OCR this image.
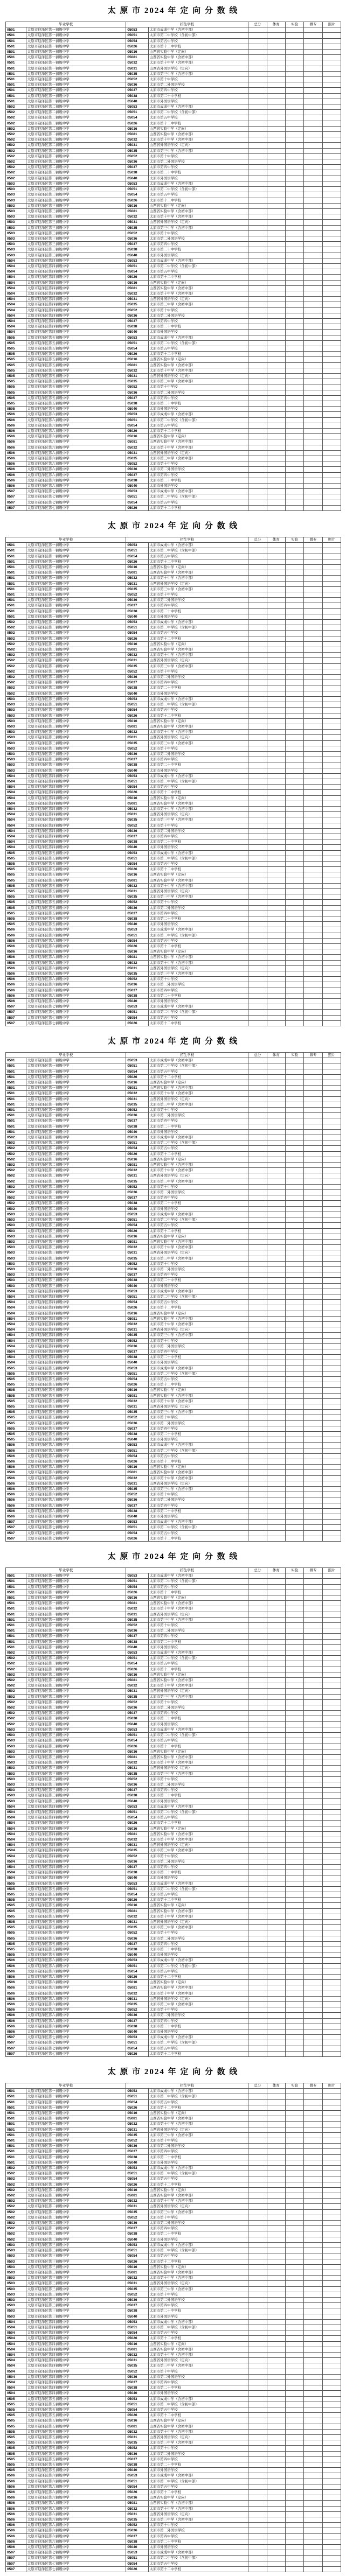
太 原 市 2024 年 定 向 分 数 线
毕业学校		招生学校		总分	体育	实验	微专	照片
0501	太原市迎泽区第一初级中学	05053	太原市成成中学（含初中部）					
0501	太原市迎泽区第一初级中学	05051	太原市第二中学校（含初中部）					
0501	太原市迎泽区第一初级中学	05054	太原市第五中学校					
0501	太原市迎泽区第一初级中学	05026	太原市第十二中学校					
0501	太原市迎泽区第一初级中学	05016	山西省实验中学（定向）					
0501	太原市迎泽区第一初级中学	05081	山西省实验中学（含初中部）					
0501	太原市迎泽区第一初级中学	05032	太原市第十中学（含初中部）					
0501	太原市迎泽区第一初级中学	05031	山西省外国语学校（定向）					
0501	太原市迎泽区第一初级中学	05035	太原市第三中学（含初中部）					
0501	太原市迎泽区第一初级中学	05052	太原市第十中学校					
0501	太原市迎泽区第一初级中学	05036	太原市第二外国语学校					
0501	太原市迎泽区第一初级中学	05037	太原市第四中学校					
0501	太原市迎泽区第一初级中学	05038	太原市第二十中学校					
0501	太原市迎泽区第一初级中学	05040	太原市外国语学校					
0502	太原市迎泽区第二初级中学	05053	太原市成成中学（含初中部）					
0502	太原市迎泽区第二初级中学	05051	太原市第二中学校（含初中部）					
0502	太原市迎泽区第二初级中学	05054	太原市第五中学校					
0502	太原市迎泽区第二初级中学	05026	太原市第十二中学校					
0502	太原市迎泽区第二初级中学	05016	山西省实验中学（定向）					
0502	太原市迎泽区第二初级中学	05081	山西省实验中学（含初中部）					
0502	太原市迎泽区第二初级中学	05032	太原市第十中学（含初中部）					
0502	太原市迎泽区第二初级中学	05031	山西省外国语学校（定向）					
0502	太原市迎泽区第二初级中学	05035	太原市第三中学（含初中部）					
0502	太原市迎泽区第二初级中学	05052	太原市第十中学校					
0502	太原市迎泽区第二初级中学	05036	太原市第二外国语学校					
0502	太原市迎泽区第二初级中学	05037	太原市第四中学校					
0502	太原市迎泽区第二初级中学	05038	太原市第二十中学校					
0502	太原市迎泽区第二初级中学	05040	太原市外国语学校					
0503	太原市迎泽区第三初级中学	05053	太原市成成中学（含初中部）					
0503	太原市迎泽区第三初级中学	05051	太原市第二中学校（含初中部）					
0503	太原市迎泽区第三初级中学	05054	太原市第五中学校					
0503	太原市迎泽区第三初级中学	05026	太原市第十二中学校					
0503	太原市迎泽区第三初级中学	05016	山西省实验中学（定向）					
0503	太原市迎泽区第三初级中学	05081	山西省实验中学（含初中部）					
0503	太原市迎泽区第三初级中学	05032	太原市第十中学（含初中部）					
0503	太原市迎泽区第三初级中学	05031	山西省外国语学校（定向）					
0503	太原市迎泽区第三初级中学	05035	太原市第三中学（含初中部）					
0503	太原市迎泽区第三初级中学	05052	太原市第十中学校					
0503	太原市迎泽区第三初级中学	05036	太原市第二外国语学校					
0503	太原市迎泽区第三初级中学	05037	太原市第四中学校					
0503	太原市迎泽区第三初级中学	05038	太原市第二十中学校					
0503	太原市迎泽区第三初级中学	05040	太原市外国语学校					
0504	太原市迎泽区第四初级中学	05053	太原市成成中学（含初中部）					
0504	太原市迎泽区第四初级中学	05051	太原市第二中学校（含初中部）					
0504	太原市迎泽区第四初级中学	05054	太原市第五中学校					
0504	太原市迎泽区第四初级中学	05026	太原市第十二中学校					
0504	太原市迎泽区第四初级中学	05016	山西省实验中学（定向）					
0504	太原市迎泽区第四初级中学	05081	山西省实验中学（含初中部）					
0504	太原市迎泽区第四初级中学	05032	太原市第十中学（含初中部）					
0504	太原市迎泽区第四初级中学	05031	山西省外国语学校（定向）					
0504	太原市迎泽区第四初级中学	05035	太原市第三中学（含初中部）					
0504	太原市迎泽区第四初级中学	05052	太原市第十中学校					
0504	太原市迎泽区第四初级中学	05036	太原市第二外国语学校					
0504	太原市迎泽区第四初级中学	05037	太原市第四中学校					
0504	太原市迎泽区第四初级中学	05038	太原市第二十中学校					
0504	太原市迎泽区第四初级中学	05040	太原市外国语学校					
0505	太原市迎泽区第五初级中学	05053	太原市成成中学（含初中部）					
0505	太原市迎泽区第五初级中学	05051	太原市第二中学校（含初中部）					
0505	太原市迎泽区第五初级中学	05054	太原市第五中学校					
0505	太原市迎泽区第五初级中学	05026	太原市第十二中学校					
0505	太原市迎泽区第五初级中学	05016	山西省实验中学（定向）					
0505	太原市迎泽区第五初级中学	05081	山西省实验中学（含初中部）					
0505	太原市迎泽区第五初级中学	05032	太原市第十中学（含初中部）					
0505	太原市迎泽区第五初级中学	05031	山西省外国语学校（定向）					
0505	太原市迎泽区第五初级中学	05035	太原市第三中学（含初中部）					
0505	太原市迎泽区第五初级中学	05052	太原市第十中学校					
0505	太原市迎泽区第五初级中学	05036	太原市第二外国语学校					
0505	太原市迎泽区第五初级中学	05037	太原市第四中学校					
0505	太原市迎泽区第五初级中学	05038	太原市第二十中学校					
0505	太原市迎泽区第五初级中学	05040	太原市外国语学校					
0506	太原市迎泽区第六初级中学	05053	太原市成成中学（含初中部）					
0506	太原市迎泽区第六初级中学	05051	太原市第二中学校（含初中部）					
0506	太原市迎泽区第六初级中学	05054	太原市第五中学校					
0506	太原市迎泽区第六初级中学	05026	太原市第十二中学校					
0506	太原市迎泽区第六初级中学	05016	山西省实验中学（定向）					
0506	太原市迎泽区第六初级中学	05081	山西省实验中学（含初中部）					
0506	太原市迎泽区第六初级中学	05032	太原市第十中学（含初中部）					
0506	太原市迎泽区第六初级中学	05031	山西省外国语学校（定向）					
0506	太原市迎泽区第六初级中学	05035	太原市第三中学（含初中部）					
0506	太原市迎泽区第六初级中学	05052	太原市第十中学校					
0506	太原市迎泽区第六初级中学	05036	太原市第二外国语学校					
0506	太原市迎泽区第六初级中学	05037	太原市第四中学校					
0506	太原市迎泽区第六初级中学	05038	太原市第二十中学校					
0506	太原市迎泽区第六初级中学	05040	太原市外国语学校					
0507	太原市迎泽区第七初级中学	05053	太原市成成中学（含初中部）					
0507	太原市迎泽区第七初级中学	05051	太原市第二中学校（含初中部）					
0507	太原市迎泽区第七初级中学	05054	太原市第五中学校					
0507	太原市迎泽区第七初级中学	05026	太原市第十二中学校					
太 原 市 2024 年 定 向 分 数 线
毕业学校		招生学校		总分	体育	实验	微专	照片
0501	太原市迎泽区第一初级中学	05053	太原市成成中学（含初中部）					
0501	太原市迎泽区第一初级中学	05051	太原市第二中学校（含初中部）					
0501	太原市迎泽区第一初级中学	05054	太原市第五中学校					
0501	太原市迎泽区第一初级中学	05026	太原市第十二中学校					
0501	太原市迎泽区第一初级中学	05016	山西省实验中学（定向）					
0501	太原市迎泽区第一初级中学	05081	山西省实验中学（含初中部）					
0501	太原市迎泽区第一初级中学	05032	太原市第十中学（含初中部）					
0501	太原市迎泽区第一初级中学	05031	山西省外国语学校（定向）					
0501	太原市迎泽区第一初级中学	05035	太原市第三中学（含初中部）					
0501	太原市迎泽区第一初级中学	05052	太原市第十中学校					
0501	太原市迎泽区第一初级中学	05036	太原市第二外国语学校					
0501	太原市迎泽区第一初级中学	05037	太原市第四中学校					
0501	太原市迎泽区第一初级中学	05038	太原市第二十中学校					
0501	太原市迎泽区第一初级中学	05040	太原市外国语学校					
0502	太原市迎泽区第二初级中学	05053	太原市成成中学（含初中部）					
0502	太原市迎泽区第二初级中学	05051	太原市第二中学校（含初中部）					
0502	太原市迎泽区第二初级中学	05054	太原市第五中学校					
0502	太原市迎泽区第二初级中学	05026	太原市第十二中学校					
0502	太原市迎泽区第二初级中学	05016	山西省实验中学（定向）					
0502	太原市迎泽区第二初级中学	05081	山西省实验中学（含初中部）					
0502	太原市迎泽区第二初级中学	05032	太原市第十中学（含初中部）					
0502	太原市迎泽区第二初级中学	05031	山西省外国语学校（定向）					
0502	太原市迎泽区第二初级中学	05035	太原市第三中学（含初中部）					
0502	太原市迎泽区第二初级中学	05052	太原市第十中学校					
0502	太原市迎泽区第二初级中学	05036	太原市第二外国语学校					
0502	太原市迎泽区第二初级中学	05037	太原市第四中学校					
0502	太原市迎泽区第二初级中学	05038	太原市第二十中学校					
0502	太原市迎泽区第二初级中学	05040	太原市外国语学校					
0503	太原市迎泽区第三初级中学	05053	太原市成成中学（含初中部）					
0503	太原市迎泽区第三初级中学	05051	太原市第二中学校（含初中部）					
0503	太原市迎泽区第三初级中学	05054	太原市第五中学校					
0503	太原市迎泽区第三初级中学	05026	太原市第十二中学校					
0503	太原市迎泽区第三初级中学	05016	山西省实验中学（定向）					
0503	太原市迎泽区第三初级中学	05081	山西省实验中学（含初中部）					
0503	太原市迎泽区第三初级中学	05032	太原市第十中学（含初中部）					
0503	太原市迎泽区第三初级中学	05031	山西省外国语学校（定向）					
0503	太原市迎泽区第三初级中学	05035	太原市第三中学（含初中部）					
0503	太原市迎泽区第三初级中学	05052	太原市第十中学校					
0503	太原市迎泽区第三初级中学	05036	太原市第二外国语学校					
0503	太原市迎泽区第三初级中学	05037	太原市第四中学校					
0503	太原市迎泽区第三初级中学	05038	太原市第二十中学校					
0503	太原市迎泽区第三初级中学	05040	太原市外国语学校					
0504	太原市迎泽区第四初级中学	05053	太原市成成中学（含初中部）					
0504	太原市迎泽区第四初级中学	05051	太原市第二中学校（含初中部）					
0504	太原市迎泽区第四初级中学	05054	太原市第五中学校					
0504	太原市迎泽区第四初级中学	05026	太原市第十二中学校					
0504	太原市迎泽区第四初级中学	05016	山西省实验中学（定向）					
0504	太原市迎泽区第四初级中学	05081	山西省实验中学（含初中部）					
0504	太原市迎泽区第四初级中学	05032	太原市第十中学（含初中部）					
0504	太原市迎泽区第四初级中学	05031	山西省外国语学校（定向）					
0504	太原市迎泽区第四初级中学	05035	太原市第三中学（含初中部）					
0504	太原市迎泽区第四初级中学	05052	太原市第十中学校					
0504	太原市迎泽区第四初级中学	05036	太原市第二外国语学校					
0504	太原市迎泽区第四初级中学	05037	太原市第四中学校					
0504	太原市迎泽区第四初级中学	05038	太原市第二十中学校					
0504	太原市迎泽区第四初级中学	05040	太原市外国语学校					
0505	太原市迎泽区第五初级中学	05053	太原市成成中学（含初中部）					
0505	太原市迎泽区第五初级中学	05051	太原市第二中学校（含初中部）					
0505	太原市迎泽区第五初级中学	05054	太原市第五中学校					
0505	太原市迎泽区第五初级中学	05026	太原市第十二中学校					
0505	太原市迎泽区第五初级中学	05016	山西省实验中学（定向）					
0505	太原市迎泽区第五初级中学	05081	山西省实验中学（含初中部）					
0505	太原市迎泽区第五初级中学	05032	太原市第十中学（含初中部）					
0505	太原市迎泽区第五初级中学	05031	山西省外国语学校（定向）					
0505	太原市迎泽区第五初级中学	05035	太原市第三中学（含初中部）					
0505	太原市迎泽区第五初级中学	05052	太原市第十中学校					
0505	太原市迎泽区第五初级中学	05036	太原市第二外国语学校					
0505	太原市迎泽区第五初级中学	05037	太原市第四中学校					
0505	太原市迎泽区第五初级中学	05038	太原市第二十中学校					
0505	太原市迎泽区第五初级中学	05040	太原市外国语学校					
0506	太原市迎泽区第六初级中学	05053	太原市成成中学（含初中部）					
0506	太原市迎泽区第六初级中学	05051	太原市第二中学校（含初中部）					
0506	太原市迎泽区第六初级中学	05054	太原市第五中学校					
0506	太原市迎泽区第六初级中学	05026	太原市第十二中学校					
0506	太原市迎泽区第六初级中学	05016	山西省实验中学（定向）					
0506	太原市迎泽区第六初级中学	05081	山西省实验中学（含初中部）					
0506	太原市迎泽区第六初级中学	05032	太原市第十中学（含初中部）					
0506	太原市迎泽区第六初级中学	05031	山西省外国语学校（定向）					
0506	太原市迎泽区第六初级中学	05035	太原市第三中学（含初中部）					
0506	太原市迎泽区第六初级中学	05052	太原市第十中学校					
0506	太原市迎泽区第六初级中学	05036	太原市第二外国语学校					
0506	太原市迎泽区第六初级中学	05037	太原市第四中学校					
0506	太原市迎泽区第六初级中学	05038	太原市第二十中学校					
0506	太原市迎泽区第六初级中学	05040	太原市外国语学校					
0507	太原市迎泽区第七初级中学	05053	太原市成成中学（含初中部）					
0507	太原市迎泽区第七初级中学	05051	太原市第二中学校（含初中部）					
0507	太原市迎泽区第七初级中学	05054	太原市第五中学校					
0507	太原市迎泽区第七初级中学	05026	太原市第十二中学校					
太 原 市 2024 年 定 向 分 数 线
毕业学校		招生学校		总分	体育	实验	微专	照片
0501	太原市迎泽区第一初级中学	05053	太原市成成中学（含初中部）					
0501	太原市迎泽区第一初级中学	05051	太原市第二中学校（含初中部）					
0501	太原市迎泽区第一初级中学	05054	太原市第五中学校					
0501	太原市迎泽区第一初级中学	05026	太原市第十二中学校					
0501	太原市迎泽区第一初级中学	05016	山西省实验中学（定向）					
0501	太原市迎泽区第一初级中学	05081	山西省实验中学（含初中部）					
0501	太原市迎泽区第一初级中学	05032	太原市第十中学（含初中部）					
0501	太原市迎泽区第一初级中学	05031	山西省外国语学校（定向）					
0501	太原市迎泽区第一初级中学	05035	太原市第三中学（含初中部）					
0501	太原市迎泽区第一初级中学	05052	太原市第十中学校					
0501	太原市迎泽区第一初级中学	05036	太原市第二外国语学校					
0501	太原市迎泽区第一初级中学	05037	太原市第四中学校					
0501	太原市迎泽区第一初级中学	05038	太原市第二十中学校					
0501	太原市迎泽区第一初级中学	05040	太原市外国语学校					
0502	太原市迎泽区第二初级中学	05053	太原市成成中学（含初中部）					
0502	太原市迎泽区第二初级中学	05051	太原市第二中学校（含初中部）					
0502	太原市迎泽区第二初级中学	05054	太原市第五中学校					
0502	太原市迎泽区第二初级中学	05026	太原市第十二中学校					
0502	太原市迎泽区第二初级中学	05016	山西省实验中学（定向）					
0502	太原市迎泽区第二初级中学	05081	山西省实验中学（含初中部）					
0502	太原市迎泽区第二初级中学	05032	太原市第十中学（含初中部）					
0502	太原市迎泽区第二初级中学	05031	山西省外国语学校（定向）					
0502	太原市迎泽区第二初级中学	05035	太原市第三中学（含初中部）					
0502	太原市迎泽区第二初级中学	05052	太原市第十中学校					
0502	太原市迎泽区第二初级中学	05036	太原市第二外国语学校					
0502	太原市迎泽区第二初级中学	05037	太原市第四中学校					
0502	太原市迎泽区第二初级中学	05038	太原市第二十中学校					
0502	太原市迎泽区第二初级中学	05040	太原市外国语学校					
0503	太原市迎泽区第三初级中学	05053	太原市成成中学（含初中部）					
0503	太原市迎泽区第三初级中学	05051	太原市第二中学校（含初中部）					
0503	太原市迎泽区第三初级中学	05054	太原市第五中学校					
0503	太原市迎泽区第三初级中学	05026	太原市第十二中学校					
0503	太原市迎泽区第三初级中学	05016	山西省实验中学（定向）					
0503	太原市迎泽区第三初级中学	05081	山西省实验中学（含初中部）					
0503	太原市迎泽区第三初级中学	05032	太原市第十中学（含初中部）					
0503	太原市迎泽区第三初级中学	05031	山西省外国语学校（定向）					
0503	太原市迎泽区第三初级中学	05035	太原市第三中学（含初中部）					
0503	太原市迎泽区第三初级中学	05052	太原市第十中学校					
0503	太原市迎泽区第三初级中学	05036	太原市第二外国语学校					
0503	太原市迎泽区第三初级中学	05037	太原市第四中学校					
0503	太原市迎泽区第三初级中学	05038	太原市第二十中学校					
0503	太原市迎泽区第三初级中学	05040	太原市外国语学校					
0504	太原市迎泽区第四初级中学	05053	太原市成成中学（含初中部）					
0504	太原市迎泽区第四初级中学	05051	太原市第二中学校（含初中部）					
0504	太原市迎泽区第四初级中学	05054	太原市第五中学校					
0504	太原市迎泽区第四初级中学	05026	太原市第十二中学校					
0504	太原市迎泽区第四初级中学	05016	山西省实验中学（定向）					
0504	太原市迎泽区第四初级中学	05081	山西省实验中学（含初中部）					
0504	太原市迎泽区第四初级中学	05032	太原市第十中学（含初中部）					
0504	太原市迎泽区第四初级中学	05031	山西省外国语学校（定向）					
0504	太原市迎泽区第四初级中学	05035	太原市第三中学（含初中部）					
0504	太原市迎泽区第四初级中学	05052	太原市第十中学校					
0504	太原市迎泽区第四初级中学	05036	太原市第二外国语学校					
0504	太原市迎泽区第四初级中学	05037	太原市第四中学校					
0504	太原市迎泽区第四初级中学	05038	太原市第二十中学校					
0504	太原市迎泽区第四初级中学	05040	太原市外国语学校					
0505	太原市迎泽区第五初级中学	05053	太原市成成中学（含初中部）					
0505	太原市迎泽区第五初级中学	05051	太原市第二中学校（含初中部）					
0505	太原市迎泽区第五初级中学	05054	太原市第五中学校					
0505	太原市迎泽区第五初级中学	05026	太原市第十二中学校					
0505	太原市迎泽区第五初级中学	05016	山西省实验中学（定向）					
0505	太原市迎泽区第五初级中学	05081	山西省实验中学（含初中部）					
0505	太原市迎泽区第五初级中学	05032	太原市第十中学（含初中部）					
0505	太原市迎泽区第五初级中学	05031	山西省外国语学校（定向）					
0505	太原市迎泽区第五初级中学	05035	太原市第三中学（含初中部）					
0505	太原市迎泽区第五初级中学	05052	太原市第十中学校					
0505	太原市迎泽区第五初级中学	05036	太原市第二外国语学校					
0505	太原市迎泽区第五初级中学	05037	太原市第四中学校					
0505	太原市迎泽区第五初级中学	05038	太原市第二十中学校					
0505	太原市迎泽区第五初级中学	05040	太原市外国语学校					
0506	太原市迎泽区第六初级中学	05053	太原市成成中学（含初中部）					
0506	太原市迎泽区第六初级中学	05051	太原市第二中学校（含初中部）					
0506	太原市迎泽区第六初级中学	05054	太原市第五中学校					
0506	太原市迎泽区第六初级中学	05026	太原市第十二中学校					
0506	太原市迎泽区第六初级中学	05016	山西省实验中学（定向）					
0506	太原市迎泽区第六初级中学	05081	山西省实验中学（含初中部）					
0506	太原市迎泽区第六初级中学	05032	太原市第十中学（含初中部）					
0506	太原市迎泽区第六初级中学	05031	山西省外国语学校（定向）					
0506	太原市迎泽区第六初级中学	05035	太原市第三中学（含初中部）					
0506	太原市迎泽区第六初级中学	05052	太原市第十中学校					
0506	太原市迎泽区第六初级中学	05036	太原市第二外国语学校					
0506	太原市迎泽区第六初级中学	05037	太原市第四中学校					
0506	太原市迎泽区第六初级中学	05038	太原市第二十中学校					
0506	太原市迎泽区第六初级中学	05040	太原市外国语学校					
0507	太原市迎泽区第七初级中学	05053	太原市成成中学（含初中部）					
0507	太原市迎泽区第七初级中学	05051	太原市第二中学校（含初中部）					
0507	太原市迎泽区第七初级中学	05054	太原市第五中学校					
0507	太原市迎泽区第七初级中学	05026	太原市第十二中学校					
太 原 市 2024 年 定 向 分 数 线
毕业学校		招生学校		总分	体育	实验	微专	照片
0501	太原市迎泽区第一初级中学	05053	太原市成成中学（含初中部）					
0501	太原市迎泽区第一初级中学	05051	太原市第二中学校（含初中部）					
0501	太原市迎泽区第一初级中学	05054	太原市第五中学校					
0501	太原市迎泽区第一初级中学	05026	太原市第十二中学校					
0501	太原市迎泽区第一初级中学	05016	山西省实验中学（定向）					
0501	太原市迎泽区第一初级中学	05081	山西省实验中学（含初中部）					
0501	太原市迎泽区第一初级中学	05032	太原市第十中学（含初中部）					
0501	太原市迎泽区第一初级中学	05031	山西省外国语学校（定向）					
0501	太原市迎泽区第一初级中学	05035	太原市第三中学（含初中部）					
0501	太原市迎泽区第一初级中学	05052	太原市第十中学校					
0501	太原市迎泽区第一初级中学	05036	太原市第二外国语学校					
0501	太原市迎泽区第一初级中学	05037	太原市第四中学校					
0501	太原市迎泽区第一初级中学	05038	太原市第二十中学校					
0501	太原市迎泽区第一初级中学	05040	太原市外国语学校					
0502	太原市迎泽区第二初级中学	05053	太原市成成中学（含初中部）					
0502	太原市迎泽区第二初级中学	05051	太原市第二中学校（含初中部）					
0502	太原市迎泽区第二初级中学	05054	太原市第五中学校					
0502	太原市迎泽区第二初级中学	05026	太原市第十二中学校					
0502	太原市迎泽区第二初级中学	05016	山西省实验中学（定向）					
0502	太原市迎泽区第二初级中学	05081	山西省实验中学（含初中部）					
0502	太原市迎泽区第二初级中学	05032	太原市第十中学（含初中部）					
0502	太原市迎泽区第二初级中学	05031	山西省外国语学校（定向）					
0502	太原市迎泽区第二初级中学	05035	太原市第三中学（含初中部）					
0502	太原市迎泽区第二初级中学	05052	太原市第十中学校					
0502	太原市迎泽区第二初级中学	05036	太原市第二外国语学校					
0502	太原市迎泽区第二初级中学	05037	太原市第四中学校					
0502	太原市迎泽区第二初级中学	05038	太原市第二十中学校					
0502	太原市迎泽区第二初级中学	05040	太原市外国语学校					
0503	太原市迎泽区第三初级中学	05053	太原市成成中学（含初中部）					
0503	太原市迎泽区第三初级中学	05051	太原市第二中学校（含初中部）					
0503	太原市迎泽区第三初级中学	05054	太原市第五中学校					
0503	太原市迎泽区第三初级中学	05026	太原市第十二中学校					
0503	太原市迎泽区第三初级中学	05016	山西省实验中学（定向）					
0503	太原市迎泽区第三初级中学	05081	山西省实验中学（含初中部）					
0503	太原市迎泽区第三初级中学	05032	太原市第十中学（含初中部）					
0503	太原市迎泽区第三初级中学	05031	山西省外国语学校（定向）					
0503	太原市迎泽区第三初级中学	05035	太原市第三中学（含初中部）					
0503	太原市迎泽区第三初级中学	05052	太原市第十中学校					
0503	太原市迎泽区第三初级中学	05036	太原市第二外国语学校					
0503	太原市迎泽区第三初级中学	05037	太原市第四中学校					
0503	太原市迎泽区第三初级中学	05038	太原市第二十中学校					
0503	太原市迎泽区第三初级中学	05040	太原市外国语学校					
0504	太原市迎泽区第四初级中学	05053	太原市成成中学（含初中部）					
0504	太原市迎泽区第四初级中学	05051	太原市第二中学校（含初中部）					
0504	太原市迎泽区第四初级中学	05054	太原市第五中学校					
0504	太原市迎泽区第四初级中学	05026	太原市第十二中学校					
0504	太原市迎泽区第四初级中学	05016	山西省实验中学（定向）					
0504	太原市迎泽区第四初级中学	05081	山西省实验中学（含初中部）					
0504	太原市迎泽区第四初级中学	05032	太原市第十中学（含初中部）					
0504	太原市迎泽区第四初级中学	05031	山西省外国语学校（定向）					
0504	太原市迎泽区第四初级中学	05035	太原市第三中学（含初中部）					
0504	太原市迎泽区第四初级中学	05052	太原市第十中学校					
0504	太原市迎泽区第四初级中学	05036	太原市第二外国语学校					
0504	太原市迎泽区第四初级中学	05037	太原市第四中学校					
0504	太原市迎泽区第四初级中学	05038	太原市第二十中学校					
0504	太原市迎泽区第四初级中学	05040	太原市外国语学校					
0505	太原市迎泽区第五初级中学	05053	太原市成成中学（含初中部）					
0505	太原市迎泽区第五初级中学	05051	太原市第二中学校（含初中部）					
0505	太原市迎泽区第五初级中学	05054	太原市第五中学校					
0505	太原市迎泽区第五初级中学	05026	太原市第十二中学校					
0505	太原市迎泽区第五初级中学	05016	山西省实验中学（定向）					
0505	太原市迎泽区第五初级中学	05081	山西省实验中学（含初中部）					
0505	太原市迎泽区第五初级中学	05032	太原市第十中学（含初中部）					
0505	太原市迎泽区第五初级中学	05031	山西省外国语学校（定向）					
0505	太原市迎泽区第五初级中学	05035	太原市第三中学（含初中部）					
0505	太原市迎泽区第五初级中学	05052	太原市第十中学校					
0505	太原市迎泽区第五初级中学	05036	太原市第二外国语学校					
0505	太原市迎泽区第五初级中学	05037	太原市第四中学校					
0505	太原市迎泽区第五初级中学	05038	太原市第二十中学校					
0505	太原市迎泽区第五初级中学	05040	太原市外国语学校					
0506	太原市迎泽区第六初级中学	05053	太原市成成中学（含初中部）					
0506	太原市迎泽区第六初级中学	05051	太原市第二中学校（含初中部）					
0506	太原市迎泽区第六初级中学	05054	太原市第五中学校					
0506	太原市迎泽区第六初级中学	05026	太原市第十二中学校					
0506	太原市迎泽区第六初级中学	05016	山西省实验中学（定向）					
0506	太原市迎泽区第六初级中学	05081	山西省实验中学（含初中部）					
0506	太原市迎泽区第六初级中学	05032	太原市第十中学（含初中部）					
0506	太原市迎泽区第六初级中学	05031	山西省外国语学校（定向）					
0506	太原市迎泽区第六初级中学	05035	太原市第三中学（含初中部）					
0506	太原市迎泽区第六初级中学	05052	太原市第十中学校					
0506	太原市迎泽区第六初级中学	05036	太原市第二外国语学校					
0506	太原市迎泽区第六初级中学	05037	太原市第四中学校					
0506	太原市迎泽区第六初级中学	05038	太原市第二十中学校					
0506	太原市迎泽区第六初级中学	05040	太原市外国语学校					
0507	太原市迎泽区第七初级中学	05053	太原市成成中学（含初中部）					
0507	太原市迎泽区第七初级中学	05051	太原市第二中学校（含初中部）					
0507	太原市迎泽区第七初级中学	05054	太原市第五中学校					
0507	太原市迎泽区第七初级中学	05026	太原市第十二中学校					
太 原 市 2024 年 定 向 分 数 线
毕业学校		招生学校		总分	体育	实验	微专	照片
0501	太原市迎泽区第一初级中学	05053	太原市成成中学（含初中部）					
0501	太原市迎泽区第一初级中学	05051	太原市第二中学校（含初中部）					
0501	太原市迎泽区第一初级中学	05054	太原市第五中学校					
0501	太原市迎泽区第一初级中学	05026	太原市第十二中学校					
0501	太原市迎泽区第一初级中学	05016	山西省实验中学（定向）					
0501	太原市迎泽区第一初级中学	05081	山西省实验中学（含初中部）					
0501	太原市迎泽区第一初级中学	05032	太原市第十中学（含初中部）					
0501	太原市迎泽区第一初级中学	05031	山西省外国语学校（定向）					
0501	太原市迎泽区第一初级中学	05035	太原市第三中学（含初中部）					
0501	太原市迎泽区第一初级中学	05052	太原市第十中学校					
0501	太原市迎泽区第一初级中学	05036	太原市第二外国语学校					
0501	太原市迎泽区第一初级中学	05037	太原市第四中学校					
0501	太原市迎泽区第一初级中学	05038	太原市第二十中学校					
0501	太原市迎泽区第一初级中学	05040	太原市外国语学校					
0502	太原市迎泽区第二初级中学	05053	太原市成成中学（含初中部）					
0502	太原市迎泽区第二初级中学	05051	太原市第二中学校（含初中部）					
0502	太原市迎泽区第二初级中学	05054	太原市第五中学校					
0502	太原市迎泽区第二初级中学	05026	太原市第十二中学校					
0502	太原市迎泽区第二初级中学	05016	山西省实验中学（定向）					
0502	太原市迎泽区第二初级中学	05081	山西省实验中学（含初中部）					
0502	太原市迎泽区第二初级中学	05032	太原市第十中学（含初中部）					
0502	太原市迎泽区第二初级中学	05031	山西省外国语学校（定向）					
0502	太原市迎泽区第二初级中学	05035	太原市第三中学（含初中部）					
0502	太原市迎泽区第二初级中学	05052	太原市第十中学校					
0502	太原市迎泽区第二初级中学	05036	太原市第二外国语学校					
0502	太原市迎泽区第二初级中学	05037	太原市第四中学校					
0502	太原市迎泽区第二初级中学	05038	太原市第二十中学校					
0502	太原市迎泽区第二初级中学	05040	太原市外国语学校					
0503	太原市迎泽区第三初级中学	05053	太原市成成中学（含初中部）					
0503	太原市迎泽区第三初级中学	05051	太原市第二中学校（含初中部）					
0503	太原市迎泽区第三初级中学	05054	太原市第五中学校					
0503	太原市迎泽区第三初级中学	05026	太原市第十二中学校					
0503	太原市迎泽区第三初级中学	05016	山西省实验中学（定向）					
0503	太原市迎泽区第三初级中学	05081	山西省实验中学（含初中部）					
0503	太原市迎泽区第三初级中学	05032	太原市第十中学（含初中部）					
0503	太原市迎泽区第三初级中学	05031	山西省外国语学校（定向）					
0503	太原市迎泽区第三初级中学	05035	太原市第三中学（含初中部）					
0503	太原市迎泽区第三初级中学	05052	太原市第十中学校					
0503	太原市迎泽区第三初级中学	05036	太原市第二外国语学校					
0503	太原市迎泽区第三初级中学	05037	太原市第四中学校					
0503	太原市迎泽区第三初级中学	05038	太原市第二十中学校					
0503	太原市迎泽区第三初级中学	05040	太原市外国语学校					
0504	太原市迎泽区第四初级中学	05053	太原市成成中学（含初中部）					
0504	太原市迎泽区第四初级中学	05051	太原市第二中学校（含初中部）					
0504	太原市迎泽区第四初级中学	05054	太原市第五中学校					
0504	太原市迎泽区第四初级中学	05026	太原市第十二中学校					
0504	太原市迎泽区第四初级中学	05016	山西省实验中学（定向）					
0504	太原市迎泽区第四初级中学	05081	山西省实验中学（含初中部）					
0504	太原市迎泽区第四初级中学	05032	太原市第十中学（含初中部）					
0504	太原市迎泽区第四初级中学	05031	山西省外国语学校（定向）					
0504	太原市迎泽区第四初级中学	05035	太原市第三中学（含初中部）					
0504	太原市迎泽区第四初级中学	05052	太原市第十中学校					
0504	太原市迎泽区第四初级中学	05036	太原市第二外国语学校					
0504	太原市迎泽区第四初级中学	05037	太原市第四中学校					
0504	太原市迎泽区第四初级中学	05038	太原市第二十中学校					
0504	太原市迎泽区第四初级中学	05040	太原市外国语学校					
0505	太原市迎泽区第五初级中学	05053	太原市成成中学（含初中部）					
0505	太原市迎泽区第五初级中学	05051	太原市第二中学校（含初中部）					
0505	太原市迎泽区第五初级中学	05054	太原市第五中学校					
0505	太原市迎泽区第五初级中学	05026	太原市第十二中学校					
0505	太原市迎泽区第五初级中学	05016	山西省实验中学（定向）					
0505	太原市迎泽区第五初级中学	05081	山西省实验中学（含初中部）					
0505	太原市迎泽区第五初级中学	05032	太原市第十中学（含初中部）					
0505	太原市迎泽区第五初级中学	05031	山西省外国语学校（定向）					
0505	太原市迎泽区第五初级中学	05035	太原市第三中学（含初中部）					
0505	太原市迎泽区第五初级中学	05052	太原市第十中学校					
0505	太原市迎泽区第五初级中学	05036	太原市第二外国语学校					
0505	太原市迎泽区第五初级中学	05037	太原市第四中学校					
0505	太原市迎泽区第五初级中学	05038	太原市第二十中学校					
0505	太原市迎泽区第五初级中学	05040	太原市外国语学校					
0506	太原市迎泽区第六初级中学	05053	太原市成成中学（含初中部）					
0506	太原市迎泽区第六初级中学	05051	太原市第二中学校（含初中部）					
0506	太原市迎泽区第六初级中学	05054	太原市第五中学校					
0506	太原市迎泽区第六初级中学	05026	太原市第十二中学校					
0506	太原市迎泽区第六初级中学	05016	山西省实验中学（定向）					
0506	太原市迎泽区第六初级中学	05081	山西省实验中学（含初中部）					
0506	太原市迎泽区第六初级中学	05032	太原市第十中学（含初中部）					
0506	太原市迎泽区第六初级中学	05031	山西省外国语学校（定向）					
0506	太原市迎泽区第六初级中学	05035	太原市第三中学（含初中部）					
0506	太原市迎泽区第六初级中学	05052	太原市第十中学校					
0506	太原市迎泽区第六初级中学	05036	太原市第二外国语学校					
0506	太原市迎泽区第六初级中学	05037	太原市第四中学校					
0506	太原市迎泽区第六初级中学	05038	太原市第二十中学校					
0506	太原市迎泽区第六初级中学	05040	太原市外国语学校					
0507	太原市迎泽区第七初级中学	05053	太原市成成中学（含初中部）					
0507	太原市迎泽区第七初级中学	05051	太原市第二中学校（含初中部）					
0507	太原市迎泽区第七初级中学	05054	太原市第五中学校					
0507	太原市迎泽区第七初级中学	05026	太原市第十二中学校					
